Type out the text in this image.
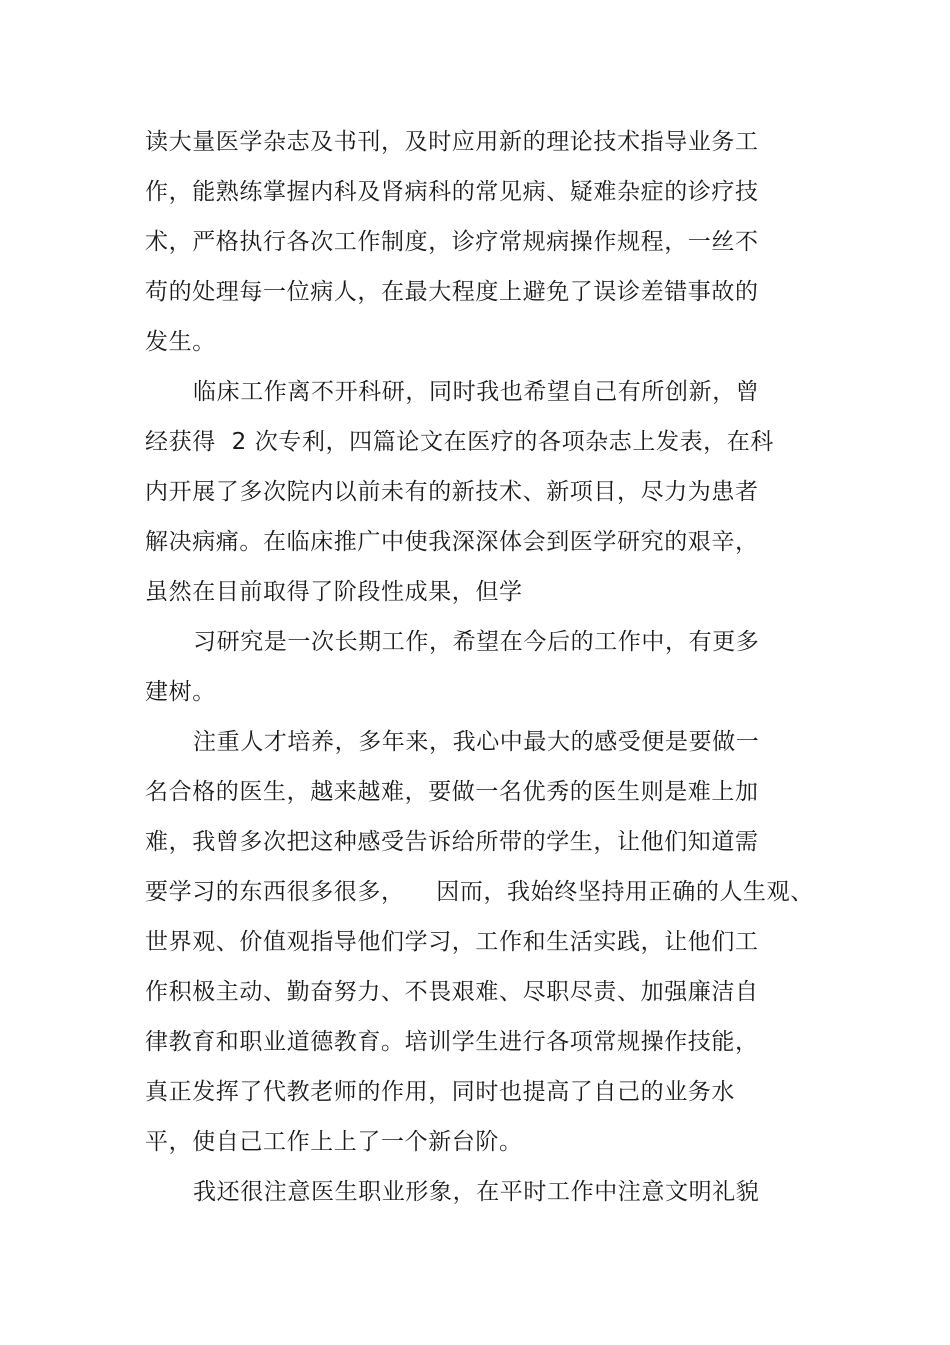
读大量医学杂志及书刊，及时应用新的理论技术指导业务工
作，能熟练掌握内科及肾病科的常见病、疑难杂症的诊疗技
术，严格执行各次工作制度，诊疗常规病操作规程，一丝不
苟的处理每一位病人，在最大程度上避免了误诊差错事故的
发生。
临床工作离不开科研，同时我也希望自己有所创新，曾
经获得  2 次专利，四篇论文在医疗的各项杂志上发表，在科
内开展了多次院内以前未有的新技术、新项目，尽力为患者
解决病痛。在临床推广中使我深深体会到医学研究的艰辛，
虽然在目前取得了阶段性成果，但学
习研究是一次长期工作，希望在今后的工作中，有更多
建树。
注重人才培养，多年来，我心中最大的感受便是要做一
名合格的医生，越来越难，要做一名优秀的医生则是难上加
难，我曾多次把这种感受告诉给所带的学生，让他们知道需
要学习的东西很多很多，    因而，我始终坚持用正确的人生观、
世界观、价值观指导他们学习，工作和生活实践，让他们工
作积极主动、勤奋努力、不畏艰难、尽职尽责、加强廉洁自
律教育和职业道德教育。培训学生进行各项常规操作技能，
真正发挥了代教老师的作用，同时也提高了自己的业务水
平，使自己工作上上了一个新台阶。
我还很注意医生职业形象，在平时工作中注意文明礼貌
